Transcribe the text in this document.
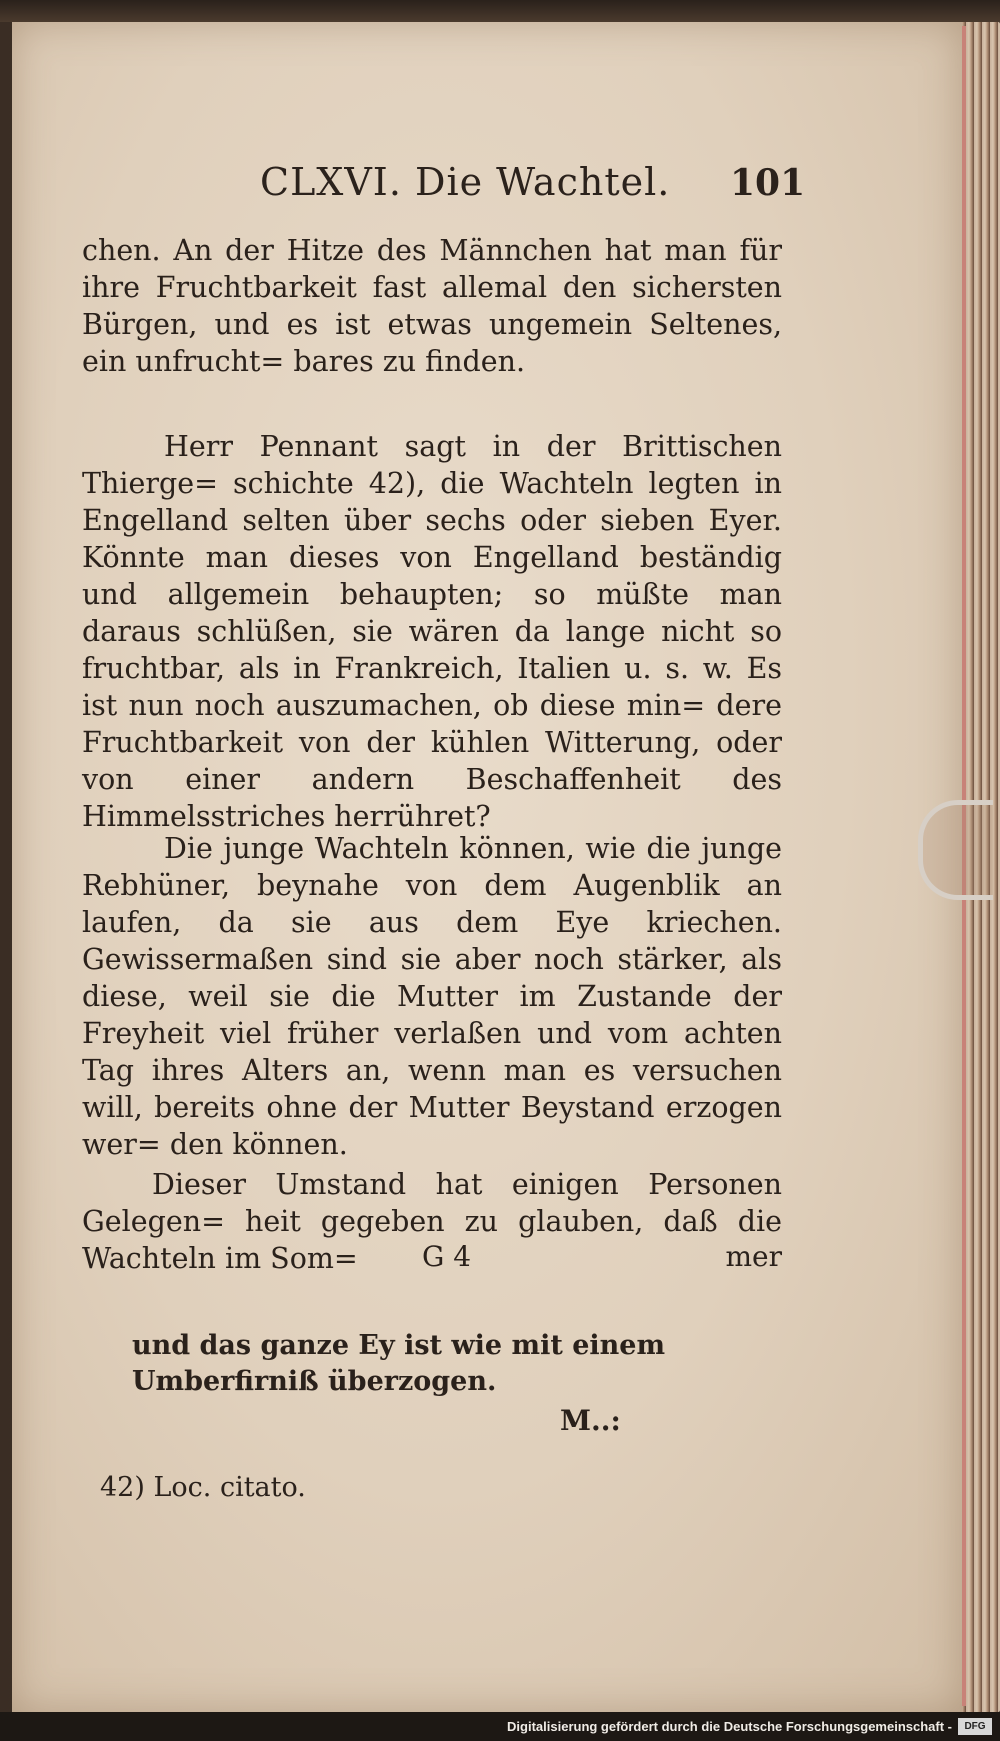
CLXVI. Die Wachtel. 101
chen. An der Hitze des Männchen hat man für ihre Fruchtbarkeit fast allemal den sichersten Bürgen, und es ist etwas ungemein Seltenes, ein unfrucht= bares zu finden.
Herr Pennant sagt in der Brittischen Thierge= schichte 42), die Wachteln legten in Engelland selten über sechs oder sieben Eyer. Könnte man dieses von Engelland beständig und allgemein behaupten; so müßte man daraus schlüßen, sie wären da lange nicht so fruchtbar, als in Frankreich, Italien u. s. w. Es ist nun noch auszumachen, ob diese min= dere Fruchtbarkeit von der kühlen Witterung, oder von einer andern Beschaffenheit des Himmelsstriches herrühret?
Die junge Wachteln können, wie die junge Rebhüner, beynahe von dem Augenblik an laufen, da sie aus dem Eye kriechen. Gewissermaßen sind sie aber noch stärker, als diese, weil sie die Mutter im Zustande der Freyheit viel früher verlaßen und vom achten Tag ihres Alters an, wenn man es versuchen will, bereits ohne der Mutter Beystand erzogen wer= den können.
Dieser Umstand hat einigen Personen Gelegen= heit gegeben zu glauben, daß die Wachteln im Som=	G 4	mer
und das ganze Ey ist wie mit einem Umberfirniß überzogen.
M..:
42) Loc. citato.
Digitalisierung gefördert durch die Deutsche Forschungsgemeinschaft -	DFG
